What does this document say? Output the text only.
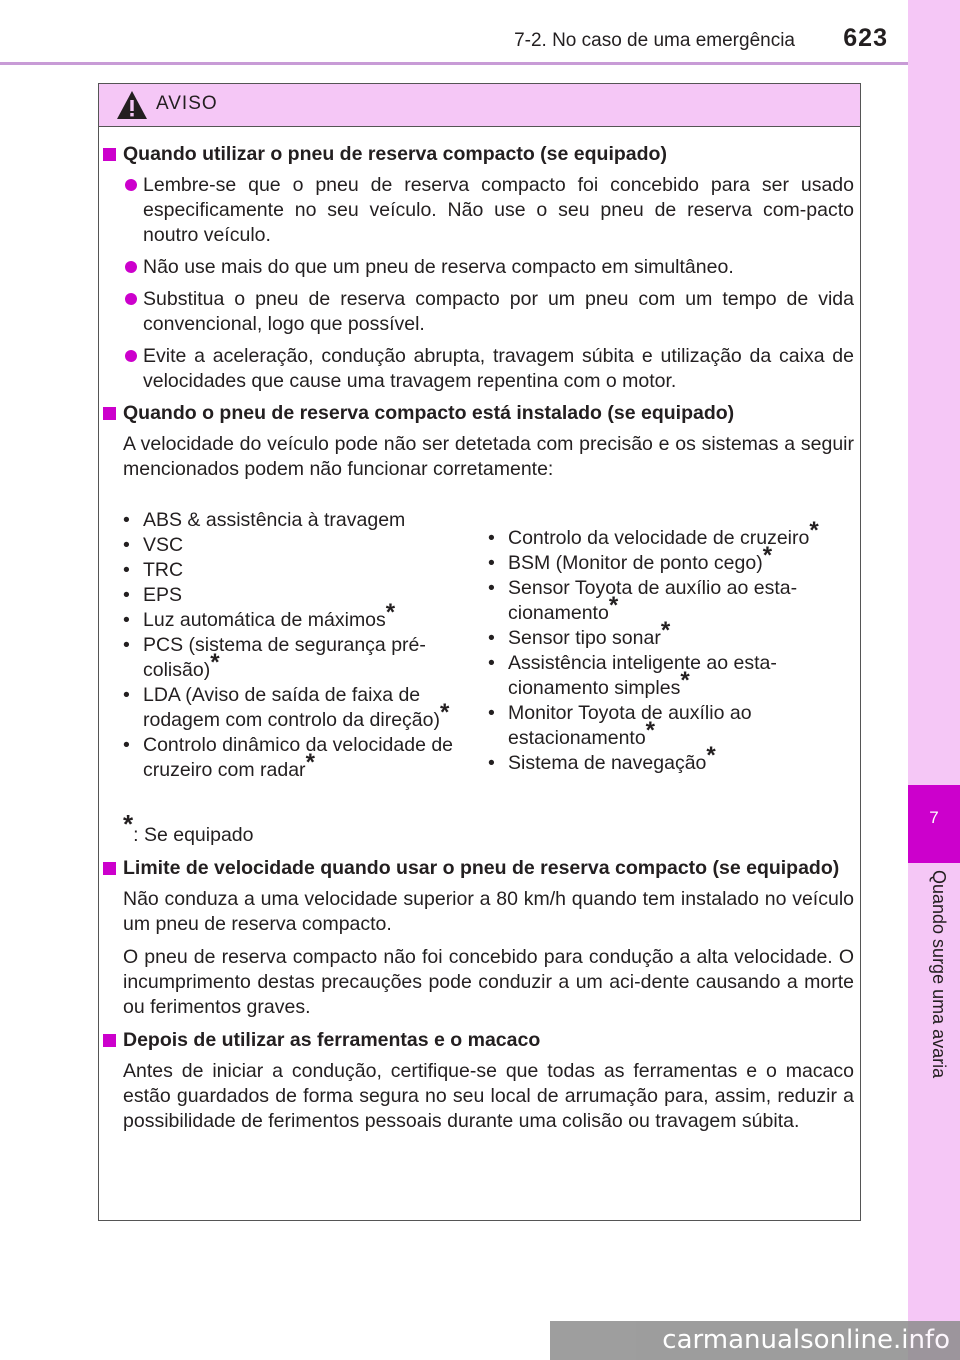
7-2. No caso de uma emergência	623
7
Quando surge uma avaria
AVISO
Quando utilizar o pneu de reserva compacto (se equipado)
Lembre-se que o pneu de reserva compacto foi concebido para ser usado especificamente no seu veículo. Não use o seu pneu de reserva com-pacto noutro veículo.
Não use mais do que um pneu de reserva compacto em simultâneo.
Substitua o pneu de reserva compacto por um pneu com um tempo de vida convencional, logo que possível.
Evite a aceleração, condução abrupta, travagem súbita e utilização da caixa de velocidades que cause uma travagem repentina com o motor.
Quando o pneu de reserva compacto está instalado (se equipado)
A velocidade do veículo pode não ser detetada com precisão e os sistemas a seguir mencionados podem não funcionar corretamente:
• ABS & assistência à travagem
• VSC
• TRC
• EPS
• Luz automática de máximos*
• PCS (sistema de segurança pré-colisão)*
• LDA (Aviso de saída de faixa de rodagem com controlo da direção)*
• Controlo dinâmico da velocidade de cruzeiro com radar*
• Controlo da velocidade de cruzeiro*
• BSM (Monitor de ponto cego)*
• Sensor Toyota de auxílio ao esta-cionamento*
• Sensor tipo sonar*
• Assistência inteligente ao esta-cionamento simples*
• Monitor Toyota de auxílio ao estacionamento*
• Sistema de navegação*
*: Se equipado
Limite de velocidade quando usar o pneu de reserva compacto (se equipado)
Não conduza a uma velocidade superior a 80 km/h quando tem instalado no veículo um pneu de reserva compacto.
O pneu de reserva compacto não foi concebido para condução a alta velocidade. O incumprimento destas precauções pode conduzir a um aci-dente causando a morte ou ferimentos graves.
Depois de utilizar as ferramentas e o macaco
Antes de iniciar a condução, certifique-se que todas as ferramentas e o macaco estão guardados de forma segura no seu local de arrumação para, assim, reduzir a possibilidade de ferimentos pessoais durante uma colisão ou travagem súbita.
carmanualsonline.info
